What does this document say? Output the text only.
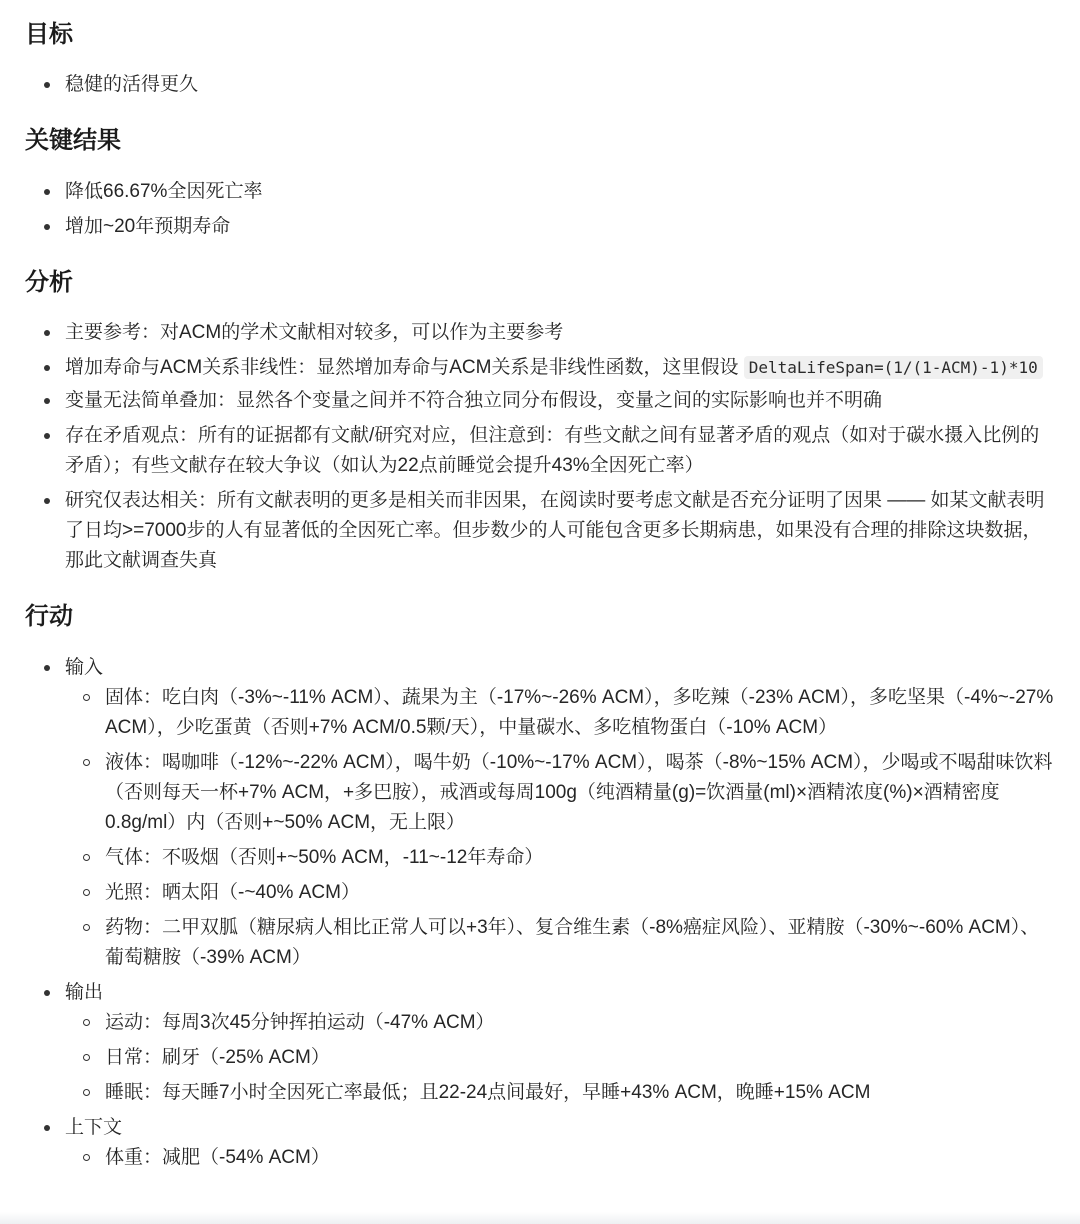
目标
稳健的活得更久
关键结果
降低66.67%全因死亡率
增加~20年预期寿命
分析
主要参考：对ACM的学术文献相对较多，可以作为主要参考
增加寿命与ACM关系非线性：显然增加寿命与ACM关系是非线性函数，这里假设 DeltaLifeSpan=(1/(1-ACM)-1)*10
变量无法简单叠加：显然各个变量之间并不符合独立同分布假设，变量之间的实际影响也并不明确
存在矛盾观点：所有的证据都有文献/研究对应，但注意到：有些文献之间有显著矛盾的观点（如对于碳水摄入比例的矛盾）；有些文献存在较大争议（如认为22点前睡觉会提升43%全因死亡率）
研究仅表达相关：所有文献表明的更多是相关而非因果，在阅读时要考虑文献是否充分证明了因果 —— 如某文献表明了日均>=7000步的人有显著低的全因死亡率。但步数少的人可能包含更多长期病患，如果没有合理的排除这块数据，那此文献调查失真
行动
输入
固体：吃白肉（-3%~-11% ACM）、蔬果为主（-17%~-26% ACM），多吃辣（-23% ACM），多吃坚果（-4%~-27% ACM），少吃蛋黄（否则+7% ACM/0.5颗/天），中量碳水、多吃植物蛋白（-10% ACM）
液体：喝咖啡（-12%~-22% ACM），喝牛奶（-10%~-17% ACM），喝茶（-8%~15% ACM），少喝或不喝甜味饮料（否则每天一杯+7% ACM，+多巴胺），戒酒或每周100g（纯酒精量(g)=饮酒量(ml)×酒精浓度(%)×酒精密度0.8g/ml）内（否则+~50% ACM，无上限）
气体：不吸烟（否则+~50% ACM，-11~-12年寿命）
光照：晒太阳（-~40% ACM）
药物：二甲双胍（糖尿病人相比正常人可以+3年）、复合维生素（-8%癌症风险）、亚精胺（-30%~-60% ACM）、葡萄糖胺（-39% ACM）
输出
运动：每周3次45分钟挥拍运动（-47% ACM）
日常：刷牙（-25% ACM）
睡眠：每天睡7小时全因死亡率最低；且22-24点间最好，早睡+43% ACM，晚睡+15% ACM
上下文
体重：减肥（-54% ACM）
